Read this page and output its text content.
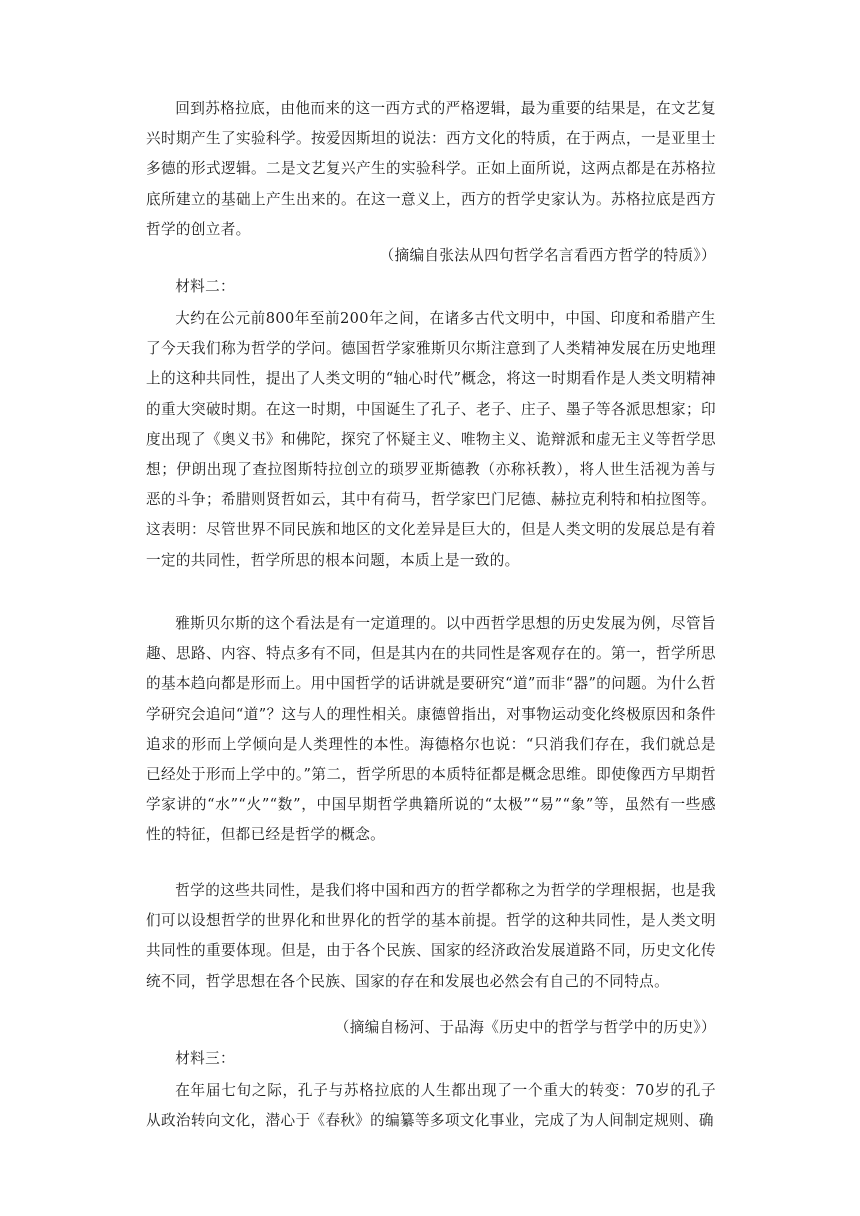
回到苏格拉底，由他而来的这一西方式的严格逻辑，最为重要的结果是，在文艺复兴时期产生了实验科学。按爱因斯坦的说法：西方文化的特质，在于两点，一是亚里士多德的形式逻辑。二是文艺复兴产生的实验科学。正如上面所说，这两点都是在苏格拉底所建立的基础上产生出来的。在这一意义上，西方的哲学史家认为。苏格拉底是西方哲学的创立者。

（摘编自张法从四句哲学名言看西方哲学的特质》）

材料二：

大约在公元前800年至前200年之间，在诸多古代文明中，中国、印度和希腊产生了今天我们称为哲学的学问。德国哲学家雅斯贝尔斯注意到了人类精神发展在历史地理上的这种共同性，提出了人类文明的“轴心时代”概念，将这一时期看作是人类文明精神的重大突破时期。在这一时期，中国诞生了孔子、老子、庄子、墨子等各派思想家；印度出现了《奥义书》和佛陀，探究了怀疑主义、唯物主义、诡辩派和虚无主义等哲学思想；伊朗出现了查拉图斯特拉创立的琐罗亚斯德教（亦称袄教），将人世生活视为善与恶的斗争；希腊则贤哲如云，其中有荷马，哲学家巴门尼德、赫拉克利特和柏拉图等。这表明：尽管世界不同民族和地区的文化差异是巨大的，但是人类文明的发展总是有着一定的共同性，哲学所思的根本问题，本质上是一致的。

雅斯贝尔斯的这个看法是有一定道理的。以中西哲学思想的历史发展为例，尽管旨趣、思路、内容、特点多有不同，但是其内在的共同性是客观存在的。第一，哲学所思的基本趋向都是形而上。用中国哲学的话讲就是要研究“道”而非“器”的问题。为什么哲学研究会追问“道”？这与人的理性相关。康德曾指出，对事物运动变化终极原因和条件追求的形而上学倾向是人类理性的本性。海德格尔也说：“只消我们存在，我们就总是已经处于形而上学中的。”第二，哲学所思的本质特征都是概念思维。即使像西方早期哲学家讲的“水”“火”“数”，中国早期哲学典籍所说的“太极”“易”“象”等，虽然有一些感性的特征，但都已经是哲学的概念。

哲学的这些共同性，是我们将中国和西方的哲学都称之为哲学的学理根据，也是我们可以设想哲学的世界化和世界化的哲学的基本前提。哲学的这种共同性，是人类文明共同性的重要体现。但是，由于各个民族、国家的经济政治发展道路不同，历史文化传统不同，哲学思想在各个民族、国家的存在和发展也必然会有自己的不同特点。

（摘编自杨河、于品海《历史中的哲学与哲学中的历史》）

材料三：

在年届七旬之际，孔子与苏格拉底的人生都出现了一个重大的转变：70岁的孔子从政治转向文化，潜心于《春秋》的编纂等多项文化事业，完成了为人间制定规则、确
